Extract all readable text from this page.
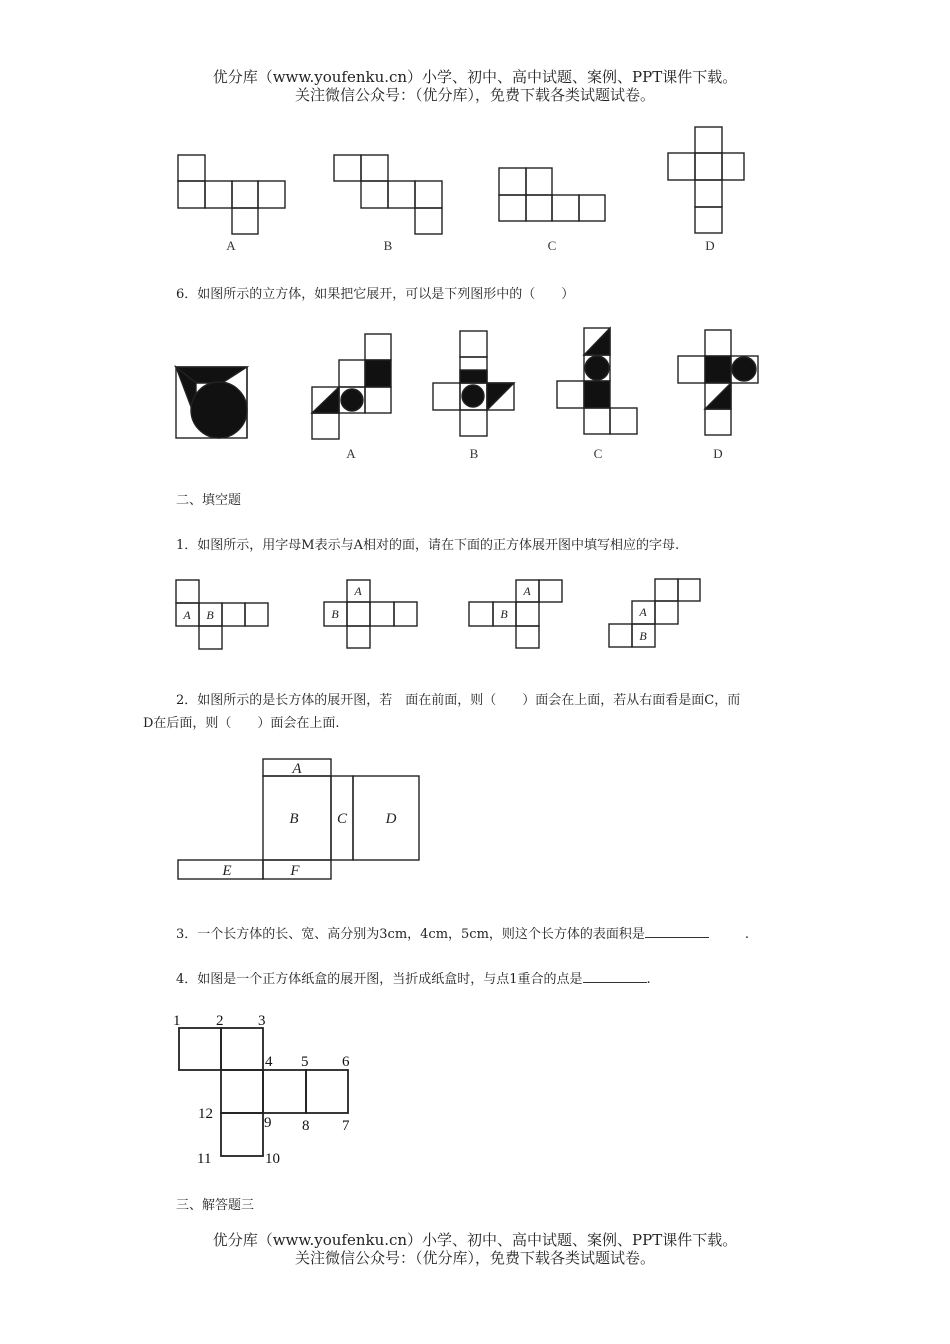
优分库（www.youfenku.cn）小学、初中、高中试题、案例、PPT课件下载。
关注微信公众号：（优分库），免费下载各类试题试卷。
A	B	C	D
A	B	C	D
A B
A
B
A
B	A
B
A
B	C	D
E	F
1 2 3
4 5 6
7
8
9
10
11
12
6．如图所示的立方体，如果把它展开，可以是下列图形中的（　　）
二、填空题
1．如图所示，用字母M表示与A相对的面，请在下面的正方体展开图中填写相应的字母.
2．如图所示的是长方体的展开图，若　面在前面，则（　　）面会在上面，若从右面看是面C，而
D在后面，则（　　）面会在上面.
3．一个长方体的长、宽、高分别为3cm，4cm，5cm，则这个长方体的表面积是	.
4．如图是一个正方体纸盒的展开图，当折成纸盒时，与点1重合的点是	.
三、解答题三
优分库（www.youfenku.cn）小学、初中、高中试题、案例、PPT课件下载。
关注微信公众号：（优分库），免费下载各类试题试卷。
